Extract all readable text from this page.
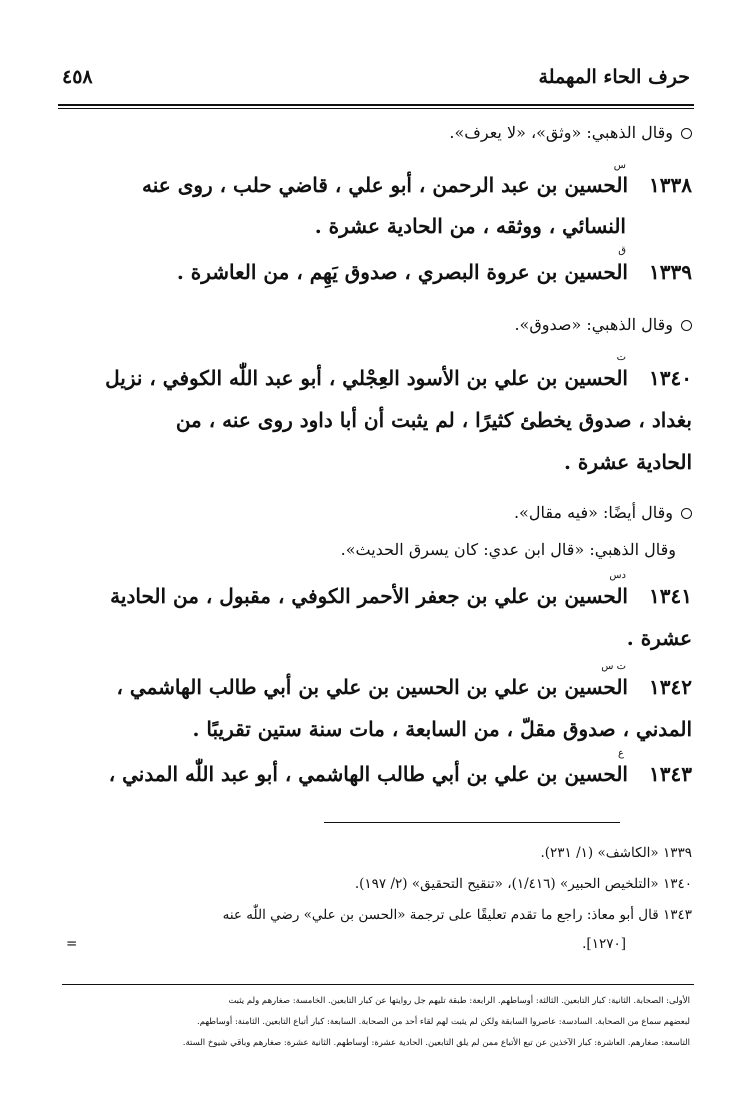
٤٥٨	حرف الحاء المهملة
وقال الذهبي: «وثق»، «لا يعرف».
س
١٣٣٨الحسين بن عبد الرحمن ، أبو علي ، قاضي حلب ، روى عنه
النسائي ، ووثقه ، من الحادية عشرة .
ق
١٣٣٩الحسين بن عروة البصري ، صدوق يَهِم ، من العاشرة .
وقال الذهبي: «صدوق».
ت
١٣٤٠الحسين بن علي بن الأسود العِجْلي ، أبو عبد اللّٰه الكوفي ، نزيل
بغداد ، صدوق يخطئ كثيرًا ، لم يثبت أن أبا داود روى عنه ، من
الحادية عشرة .
وقال أيضًا: «فيه مقال».
وقال الذهبي: «قال ابن عدي: كان يسرق الحديث».
دس
١٣٤١الحسين بن علي بن جعفر الأحمر الكوفي ، مقبول ، من الحادية
عشرة .
ت س
١٣٤٢الحسين بن علي بن الحسين بن علي بن أبي طالب الهاشمي ،
المدني ، صدوق مقلّ ، من السابعة ، مات سنة ستين تقريبًا .
ع
١٣٤٣الحسين بن علي بن أبي طالب الهاشمي ، أبو عبد اللّٰه المدني ،
١٣٣٩ «الكاشف» (١/ ٢٣١).
١٣٤٠ «التلخيص الحبير» (١/٤١٦)، «تنقيح التحقيق» (٢/ ١٩٧).
١٣٤٣ قال أبو معاذ: راجع ما تقدم تعليقًا على ترجمة «الحسن بن علي» رضي اللّٰه عنه
[١٢٧٠].
=
الأولى: الصحابة. الثانية: كبار التابعين. الثالثة: أوساطهم. الرابعة: طبقة تليهم جل روايتها عن كبار التابعين. الخامسة: صغارهم ولم يثبت
لبعضهم سماع من الصحابة. السادسة: عاصروا السابقة ولكن لم يثبت لهم لقاء أحد من الصحابة. السابعة: كبار أتباع التابعين. الثامنة: أوساطهم.
التاسعة: صغارهم. العاشرة: كبار الآخذين عن تبع الأتباع ممن لم يلق التابعين. الحادية عشرة: أوساطهم. الثانية عشرة: صغارهم وباقي شيوخ الستة.
